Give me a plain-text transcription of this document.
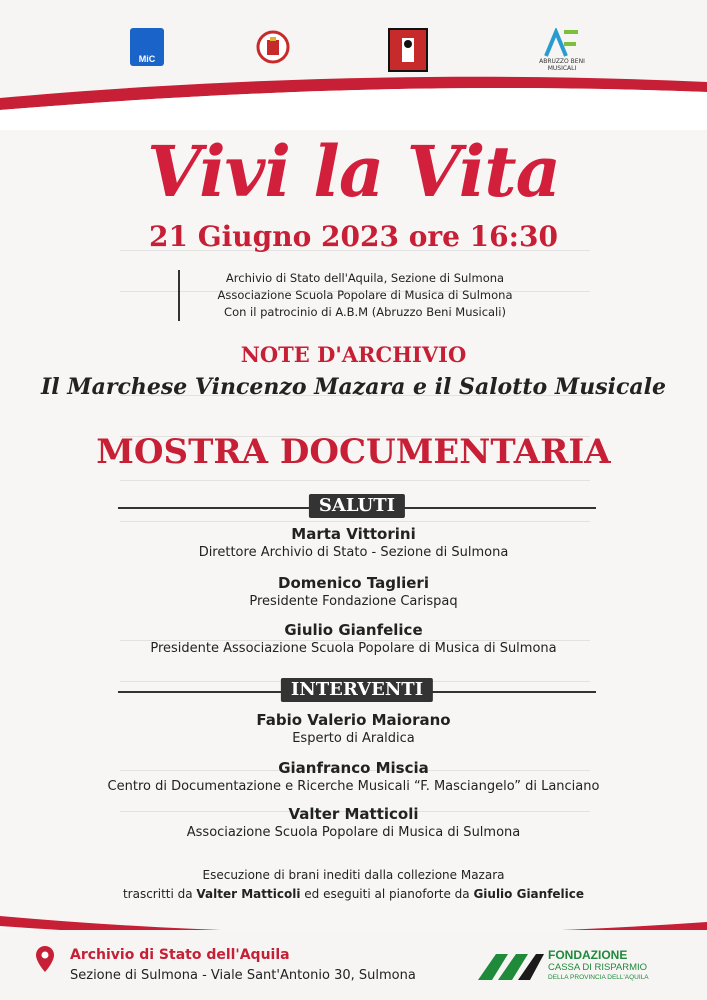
MiC	ABRUZZO BENI MUSICALI
Vivi la Vita
21 Giugno 2023 ore 16:30
Archivio di Stato dell'Aquila, Sezione di Sulmona
Associazione Scuola Popolare di Musica di Sulmona
Con il patrocinio di A.B.M (Abruzzo Beni Musicali)
NOTE D'ARCHIVIO
Il Marchese Vincenzo Mazara e il Salotto Musicale
MOSTRA DOCUMENTARIA
SALUTI
Marta Vittorini
Direttore Archivio di Stato - Sezione di Sulmona
Domenico Taglieri
Presidente Fondazione Carispaq
Giulio Gianfelice
Presidente Associazione Scuola Popolare di Musica di Sulmona
INTERVENTI
Fabio Valerio Maiorano
Esperto di Araldica
Gianfranco Miscia
Centro di Documentazione e Ricerche Musicali “F. Masciangelo” di Lanciano
Valter Matticoli
Associazione Scuola Popolare di Musica di Sulmona
Esecuzione di brani inediti dalla collezione Mazara
trascritti da Valter Matticoli ed eseguiti al pianoforte da Giulio Gianfelice
Archivio di Stato dell'Aquila
Sezione di Sulmona - Viale Sant'Antonio 30, Sulmona
FONDAZIONE
CASSA DI RISPARMIO
DELLA PROVINCIA DELL'AQUILA
